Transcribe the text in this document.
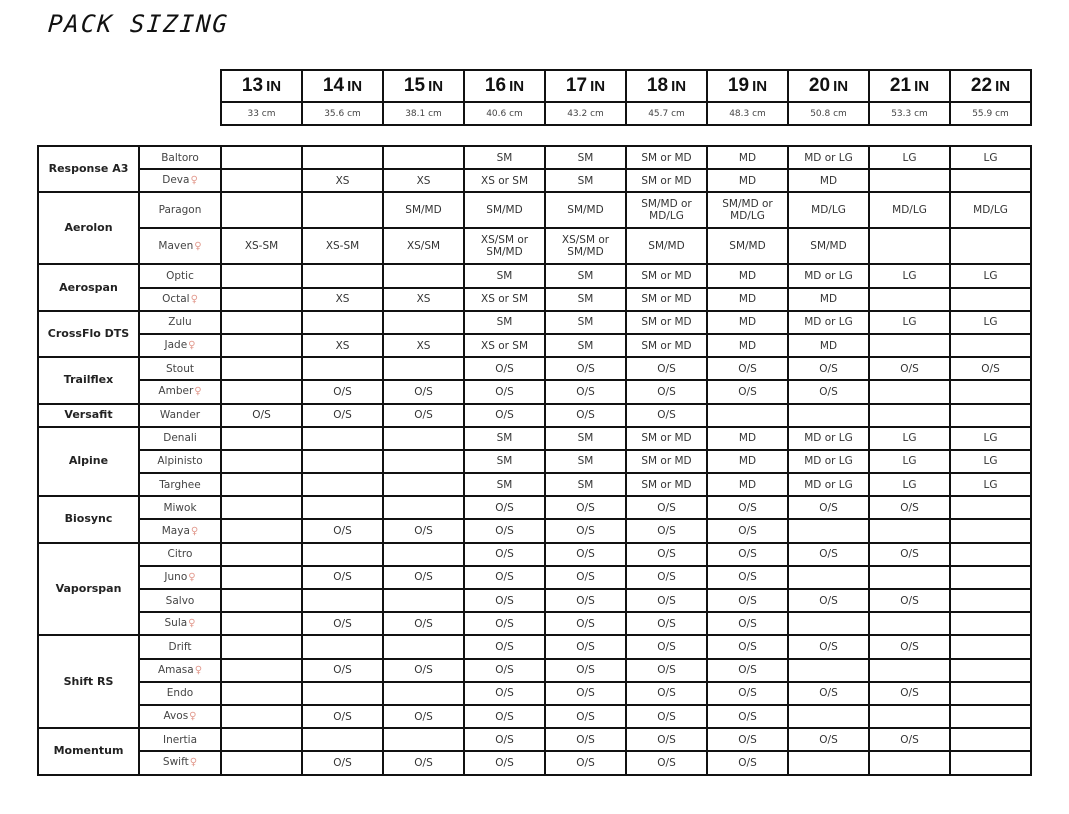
PACK SIZING
13 IN	14 IN	15 IN	16 IN	17 IN	18 IN	19 IN	20 IN	21 IN	22 IN
33 cm	35.6 cm	38.1 cm	40.6 cm	43.2 cm	45.7 cm	48.3 cm	50.8 cm	53.3 cm	55.9 cm
Response A3	Baltoro				SM	SM	SM or MD	MD	MD or LG	LG	LG
	Deva♀		XS	XS	XS or SM	SM	SM or MD	MD	MD		
Aerolon	Paragon			SM/MD	SM/MD	SM/MD	SM/MD or MD/LG	SM/MD or MD/LG	MD/LG	MD/LG	MD/LG
	Maven♀	XS-SM	XS-SM	XS/SM	XS/SM or SM/MD	XS/SM or SM/MD	SM/MD	SM/MD	SM/MD		
Aerospan	Optic				SM	SM	SM or MD	MD	MD or LG	LG	LG
	Octal♀		XS	XS	XS or SM	SM	SM or MD	MD	MD		
CrossFlo DTS	Zulu				SM	SM	SM or MD	MD	MD or LG	LG	LG
	Jade♀		XS	XS	XS or SM	SM	SM or MD	MD	MD		
Trailflex	Stout				O/S	O/S	O/S	O/S	O/S	O/S	O/S
	Amber♀		O/S	O/S	O/S	O/S	O/S	O/S	O/S		
Versafit	Wander	O/S	O/S	O/S	O/S	O/S	O/S				
Alpine	Denali				SM	SM	SM or MD	MD	MD or LG	LG	LG
	Alpinisto				SM	SM	SM or MD	MD	MD or LG	LG	LG
	Targhee				SM	SM	SM or MD	MD	MD or LG	LG	LG
Biosync	Miwok				O/S	O/S	O/S	O/S	O/S	O/S	
	Maya♀		O/S	O/S	O/S	O/S	O/S	O/S			
Vaporspan	Citro				O/S	O/S	O/S	O/S	O/S	O/S	
	Juno♀		O/S	O/S	O/S	O/S	O/S	O/S			
	Salvo				O/S	O/S	O/S	O/S	O/S	O/S	
	Sula♀		O/S	O/S	O/S	O/S	O/S	O/S			
Shift RS	Drift				O/S	O/S	O/S	O/S	O/S	O/S	
	Amasa♀		O/S	O/S	O/S	O/S	O/S	O/S			
	Endo				O/S	O/S	O/S	O/S	O/S	O/S	
	Avos♀		O/S	O/S	O/S	O/S	O/S	O/S			
Momentum	Inertia				O/S	O/S	O/S	O/S	O/S	O/S	
	Swift♀		O/S	O/S	O/S	O/S	O/S	O/S			
